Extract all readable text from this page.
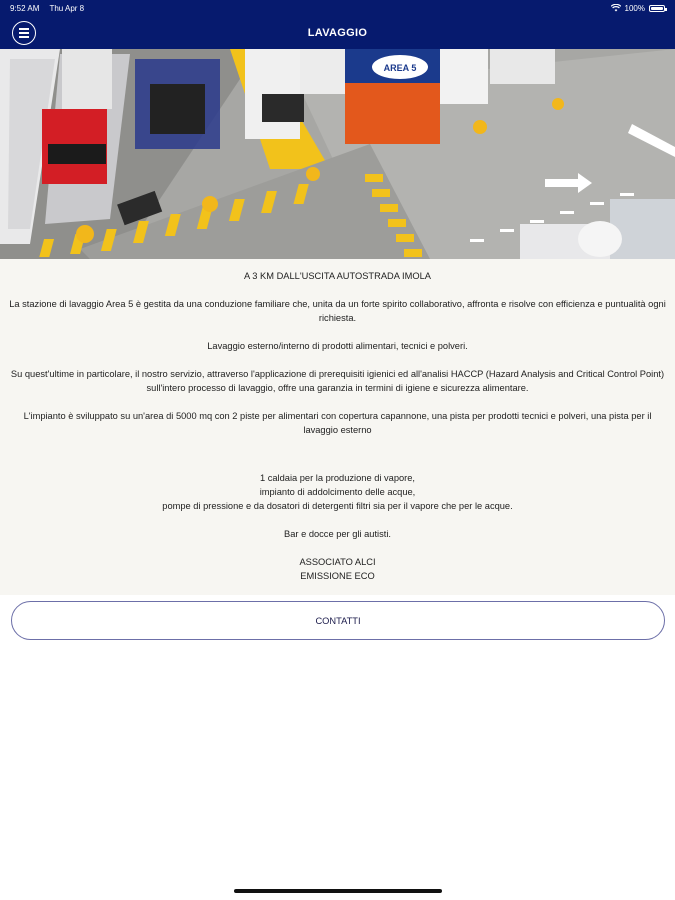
9:52 AM Thu Apr 8	100%
LAVAGGIO
AREA 5

A 3 KM DALL'USCITA AUTOSTRADA IMOLA

La stazione di lavaggio Area 5 è gestita da una conduzione familiare che, unita da un forte spirito collaborativo, affronta e risolve con efficienza e puntualità ogni richiesta.

Lavaggio esterno/interno di prodotti alimentari, tecnici e polveri.

Su quest'ultime in particolare, il nostro servizio, attraverso l'applicazione di prerequisiti igienici ed all'analisi HACCP (Hazard Analysis and Critical Control Point) sull'intero processo di lavaggio, offre una garanzia in termini di igiene e sicurezza alimentare.

L'impianto è sviluppato su un'area di 5000 mq con 2 piste per alimentari con copertura capannone, una pista per prodotti tecnici e polveri, una pista per il lavaggio esterno

1 caldaia per la produzione di vapore,

impianto di addolcimento delle acque,

pompe di pressione e da dosatori di detergenti filtri sia per il vapore che per le acque.

Bar e docce per gli autisti.

ASSOCIATO ALCI

EMISSIONE ECO

CONTATTI
